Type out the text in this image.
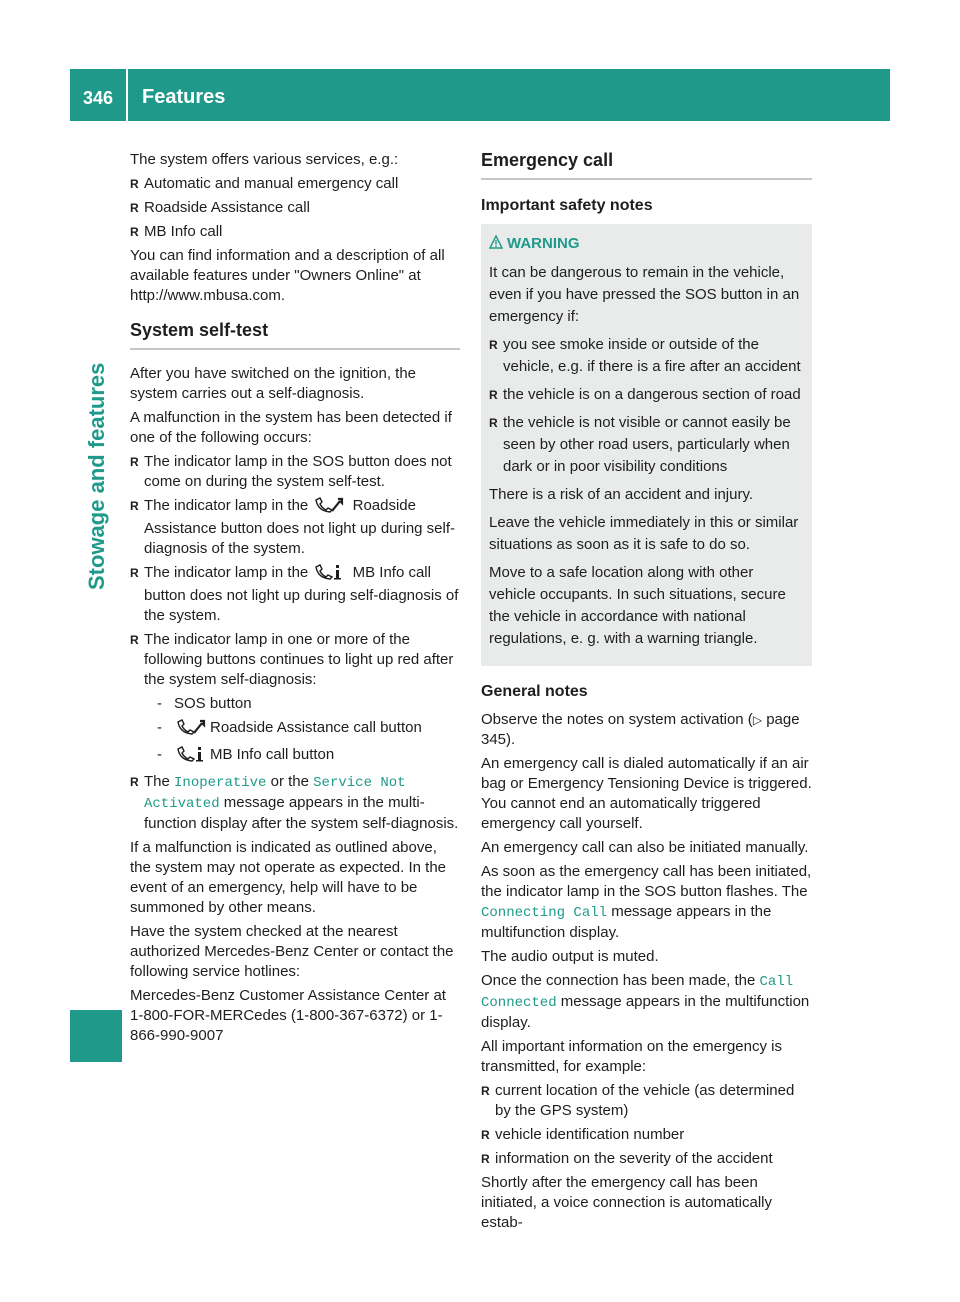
346 Features
Stowage and features

The system offers various services, e.g.:

R Automatic and manual emergency call
R Roadside Assistance call
R MB Info call

You can find information and a description of all available features under "Owners Online" at http://www.mbusa.com.

System self-test

After you have switched on the ignition, the system carries out a self-diagnosis.

A malfunction in the system has been detected if one of the following occurs:

R The indicator lamp in the SOS button does not come on during the system self-test.
R The indicator lamp in the	Roadside Assistance button does not light up during self-diagnosis of the system.
R The indicator lamp in the	MB Info call button does not light up during self-diagnosis of the system.
R The indicator lamp in one or more of the following buttons continues to light up red after the system self-diagnosis:
- SOS button
- Roadside Assistance call button
- MB Info call button
R The Inoperative or the Service Not Activated message appears in the multi-function display after the system self-diagnosis.

If a malfunction is indicated as outlined above, the system may not operate as expected. In the event of an emergency, help will have to be summoned by other means.

Have the system checked at the nearest authorized Mercedes-Benz Center or contact the following service hotlines:

Mercedes-Benz Customer Assistance Center at 1-800-FOR-MERCedes (1-800-367-6372) or 1-866-990-9007

Emergency call
Important safety notes
WARNING

It can be dangerous to remain in the vehicle, even if you have pressed the SOS button in an emergency if:

R you see smoke inside or outside of the vehicle, e.g. if there is a fire after an accident
R the vehicle is on a dangerous section of road
R the vehicle is not visible or cannot easily be seen by other road users, particularly when dark or in poor visibility conditions

There is a risk of an accident and injury.

Leave the vehicle immediately in this or similar situations as soon as it is safe to do so.

Move to a safe location along with other vehicle occupants. In such situations, secure the vehicle in accordance with national regulations, e. g. with a warning triangle.

General notes

Observe the notes on system activation (▷ page 345).

An emergency call is dialed automatically if an air bag or Emergency Tensioning Device is triggered. You cannot end an automatically triggered emergency call yourself.

An emergency call can also be initiated manually.

As soon as the emergency call has been initiated, the indicator lamp in the SOS button flashes. The Connecting Call message appears in the multifunction display.

The audio output is muted.

Once the connection has been made, the Call Connected message appears in the multifunction display.

All important information on the emergency is transmitted, for example:

R current location of the vehicle (as determined by the GPS system)
R vehicle identification number
R information on the severity of the accident

Shortly after the emergency call has been initiated, a voice connection is automatically estab-
